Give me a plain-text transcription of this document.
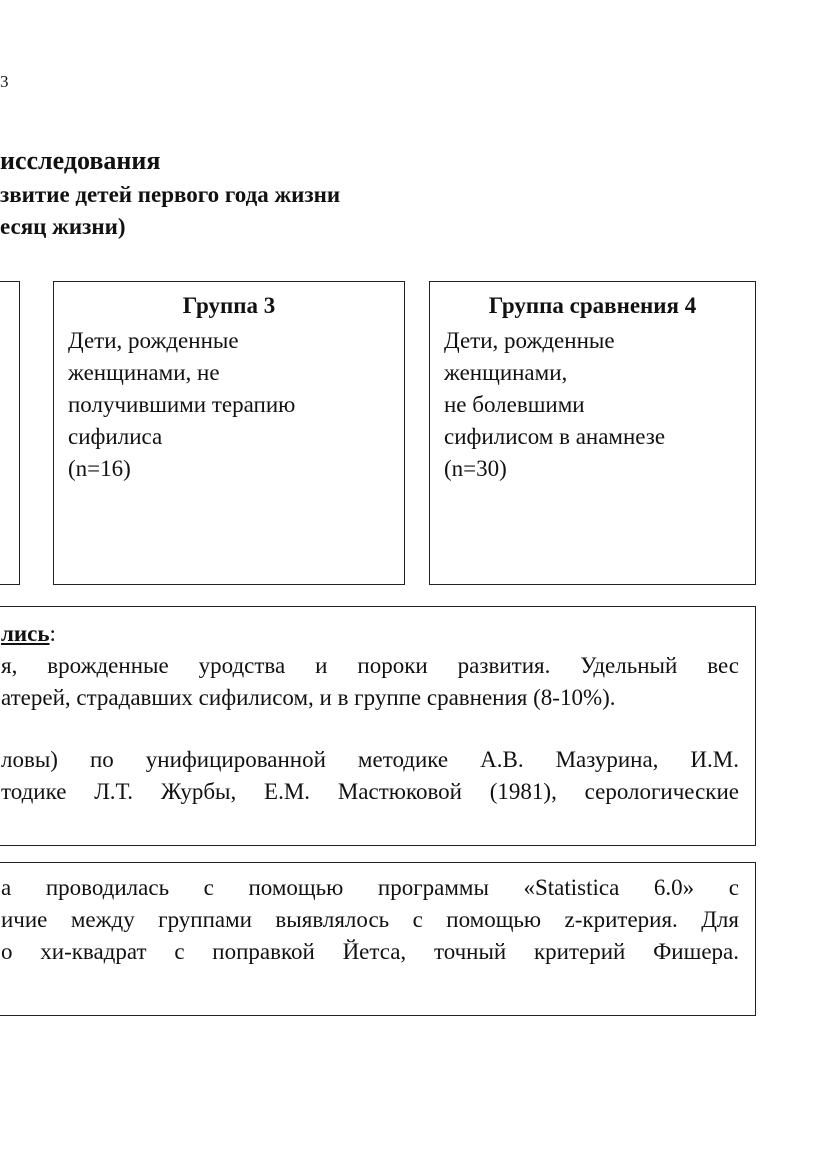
3
исследования
звитие детей первого года жизни
есяц жизни)
Группа 3
Дети, рожденные
женщинами, не
получившими терапию
сифилиса
(n=16)
Группа сравнения 4
Дети, рожденные
женщинами,
не болевшими
сифилисом в анамнезе
(n=30)
лись:
я, врожденные уродства и пороки развития. Удельный вес
атерей, страдавших сифилисом, и в группе сравнения (8-10%).
ловы) по унифицированной методике А.В. Мазурина, И.М.
тодике Л.Т. Журбы, Е.М. Мастюковой (1981), серологические
а проводилась с помощью программы «Statistica 6.0» с
ичие между группами выявлялось с помощью z-критерия. Для
о хи-квадрат с поправкой Йетса, точный критерий Фишера.
